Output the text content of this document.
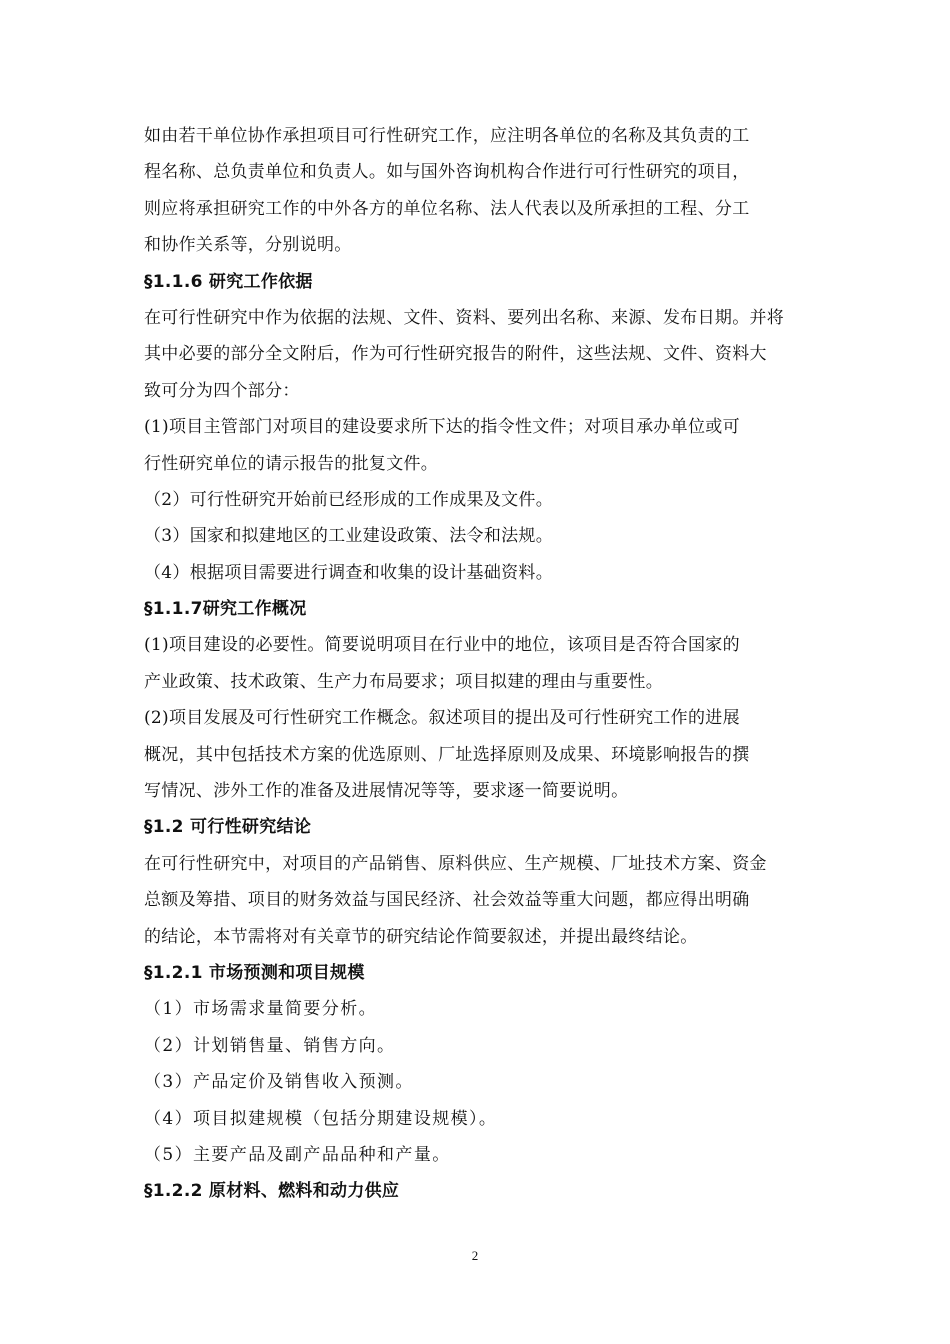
如由若干单位协作承担项目可行性研究工作，应注明各单位的名称及其负责的工
程名称、总负责单位和负责人。如与国外咨询机构合作进行可行性研究的项目，
则应将承担研究工作的中外各方的单位名称、法人代表以及所承担的工程、分工
和协作关系等，分别说明。
§1.1.6 研究工作依据
在可行性研究中作为依据的法规、文件、资料、要列出名称、来源、发布日期。并将
其中必要的部分全文附后，作为可行性研究报告的附件，这些法规、文件、资料大
致可分为四个部分：
(1)项目主管部门对项目的建设要求所下达的指令性文件；对项目承办单位或可
行性研究单位的请示报告的批复文件。
（2）可行性研究开始前已经形成的工作成果及文件。
（3）国家和拟建地区的工业建设政策、法令和法规。
（4）根据项目需要进行调查和收集的设计基础资料。
§1.1.7研究工作概况
(1)项目建设的必要性。简要说明项目在行业中的地位，该项目是否符合国家的
产业政策、技术政策、生产力布局要求；项目拟建的理由与重要性。
(2)项目发展及可行性研究工作概念。叙述项目的提出及可行性研究工作的进展
概况，其中包括技术方案的优选原则、厂址选择原则及成果、环境影响报告的撰
写情况、涉外工作的准备及进展情况等等，要求逐一简要说明。
§1.2 可行性研究结论
在可行性研究中，对项目的产品销售、原料供应、生产规模、厂址技术方案、资金
总额及筹措、项目的财务效益与国民经济、社会效益等重大问题，都应得出明确
的结论，本节需将对有关章节的研究结论作简要叙述，并提出最终结论。
§1.2.1 市场预测和项目规模
（1）市场需求量简要分析。
（2）计划销售量、销售方向。
（3）产品定价及销售收入预测。
（4）项目拟建规模（包括分期建设规模）。
（5）主要产品及副产品品种和产量。
§1.2.2 原材料、燃料和动力供应
2
